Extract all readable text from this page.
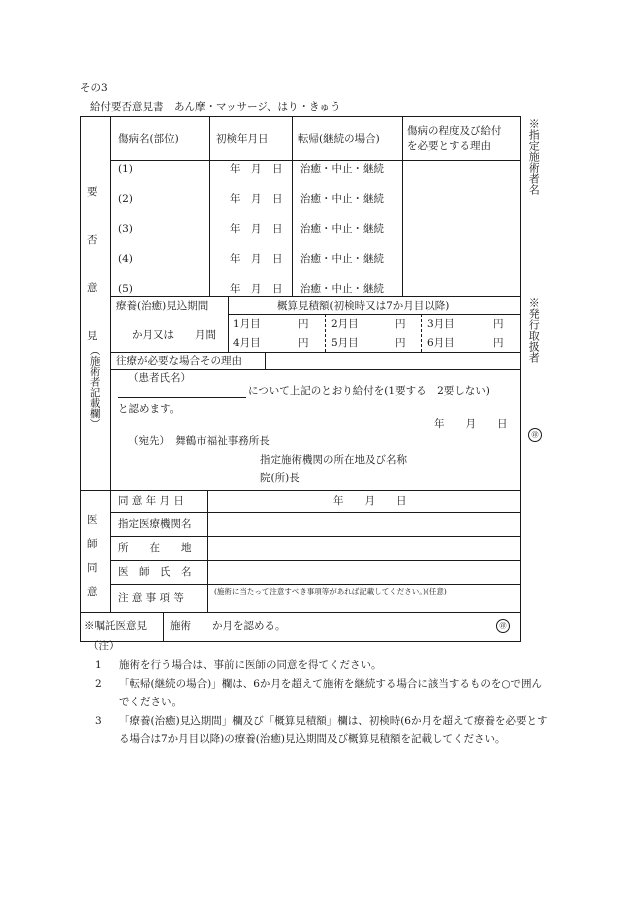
その3
給付要否意見書　あん摩・マッサージ、はり・きゅう
※指定施術者名
※発行取扱者
㊞
要
否
意
見
（施術者記載欄）
傷病名(部位)	初検年月日	転帰(継続の場合)
傷病の程度及び給付
を必要とする理由
(1)	年　月　日 治癒・中止・継続
(2)	年　月　日 治癒・中止・継続
(3)	年　月　日 治癒・中止・継続
(4)	年　月　日 治癒・中止・継続
(5)	年　月　日 治癒・中止・継続
療養(治癒)見込期間
か月又は　　月間
概算見積額(初検時又は7か月目以降)
1月目	円 2月目	円 3月目	円
4月目	円 5月目	円 6月目	円
往療が必要な場合その理由
（患者氏名）
について上記のとおり給付を(1要する　2要しない)
と認めます。
年　　月　　日
（宛先）　舞鶴市福祉事務所長
指定施術機関の所在地及び名称
院(所)長
医
師
同
意
同 意 年 月 日	年　　月　　日
指定医療機関名
所　　在　　地
医　師　氏　名
注 意 事 項 等
(施術に当たって注意すべき事項等があれば記載してください。)(任意)
※嘱託医意見 施術　　か月を認める。	㊞
（注）
1 施術を行う場合は、事前に医師の同意を得てください。
2 「転帰(継続の場合)」欄は、6か月を超えて施術を継続する場合に該当するものを○で囲んでください。
3 「療養(治癒)見込期間」欄及び「概算見積額」欄は、初検時(6か月を超えて療養を必要とする場合は7か月目以降)の療養(治癒)見込期間及び概算見積額を記載してください。
